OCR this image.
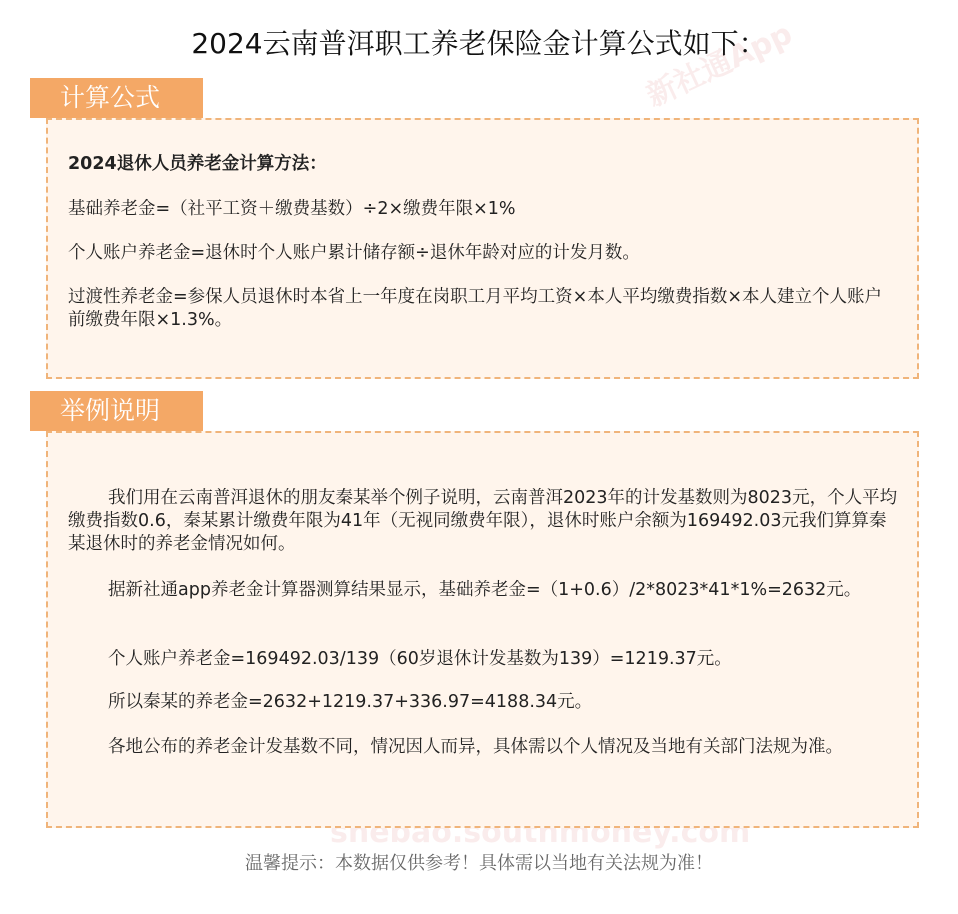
新社通App
shebao.southmoney.com
2024云南普洱职工养老保险金计算公式如下：
计算公式

2024退休人员养老金计算方法：

基础养老金=（社平工资＋缴费基数）÷2×缴费年限×1%

个人账户养老金=退休时个人账户累计储存额÷退休年龄对应的计发月数。

过渡性养老金=参保人员退休时本省上一年度在岗职工月平均工资×本人平均缴费指数×本人建立个人账户前缴费年限×1.3%。

举例说明

我们用在云南普洱退休的朋友秦某举个例子说明，云南普洱2023年的计发基数则为8023元，个人平均缴费指数0.6，秦某累计缴费年限为41年（无视同缴费年限），退休时账户余额为169492.03元我们算算秦某退休时的养老金情况如何。

据新社通app养老金计算器测算结果显示，基础养老金=（1+0.6）/2*8023*41*1%=2632元。

个人账户养老金=169492.03/139（60岁退休计发基数为139）=1219.37元。

所以秦某的养老金=2632+1219.37+336.97=4188.34元。

各地公布的养老金计发基数不同，情况因人而异，具体需以个人情况及当地有关部门法规为准。

温馨提示：本数据仅供参考！具体需以当地有关法规为准！
